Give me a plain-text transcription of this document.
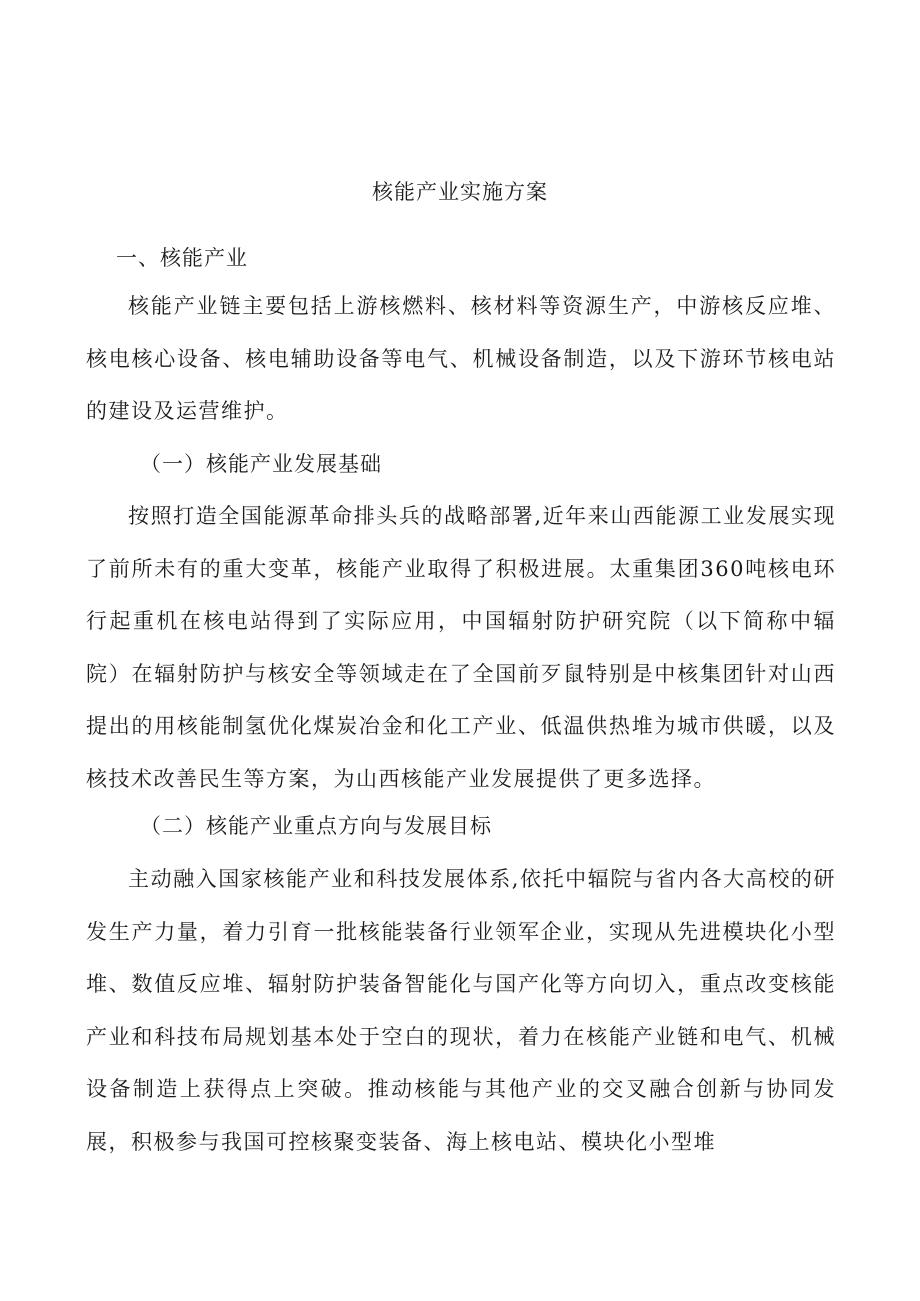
核能产业实施方案
一、核能产业

核能产业链主要包括上游核燃料、核材料等资源生产，中游核反应堆、核电核心设备、核电辅助设备等电气、机械设备制造，以及下游环节核电站的建设及运营维护。

（一）核能产业发展基础

按照打造全国能源革命排头兵的战略部署,近年来山西能源工业发展实现了前所未有的重大变革，核能产业取得了积极进展。太重集团360吨核电环行起重机在核电站得到了实际应用，中国辐射防护研究院（以下简称中辐院）在辐射防护与核安全等领域走在了全国前歹鼠特别是中核集团针对山西提出的用核能制氢优化煤炭冶金和化工产业、低温供热堆为城市供暖，以及核技术改善民生等方案，为山西核能产业发展提供了更多选择。

（二）核能产业重点方向与发展目标

主动融入国家核能产业和科技发展体系,依托中辐院与省内各大高校的研发生产力量，着力引育一批核能装备行业领军企业，实现从先进模块化小型堆、数值反应堆、辐射防护装备智能化与国产化等方向切入，重点改变核能产业和科技布局规划基本处于空白的现状，着力在核能产业链和电气、机械设备制造上获得点上突破。推动核能与其他产业的交叉融合创新与协同发展，积极参与我国可控核聚变装备、海上核电站、模块化小型堆
